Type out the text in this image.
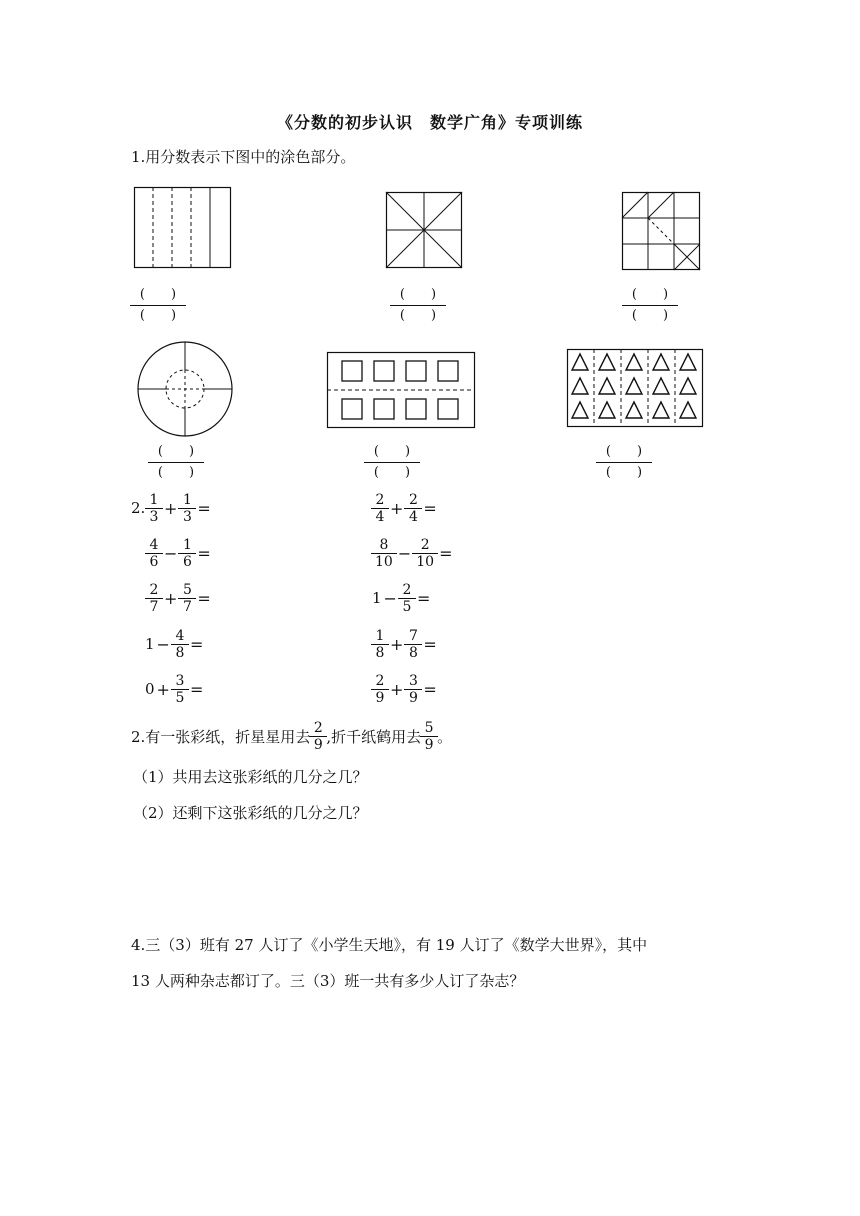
《分数的初步认识　数学广角》专项训练
1.用分数表示下图中的涂色部分。
(　　)
(　　)
(　　)
(　　)
(　　)
(　　)
(　　)
(　　)
(　　)
(　　)
(　　)
(　　)
2. $\frac{1}{3} + \frac{1}{3}$ =
$\frac{4}{6} - \frac{1}{6}$ =
$\frac{2}{7} + \frac{5}{7}$ =
$1 - \frac{4}{8}$ =
$0 + \frac{3}{5}$ =
$\frac{2}{4} + \frac{2}{4}$ =
$\frac{8}{10} - \frac{2}{10}$ =
$1 - \frac{2}{5}$ =
$\frac{1}{8} + \frac{7}{8}$ =
$\frac{2}{9} + \frac{3}{9}$ =
2.有一张彩纸，折星星用去 $\frac{2}{9}$ ,折千纸鹤用去 $\frac{5}{9}$ 。
（1）共用去这张彩纸的几分之几？
（2）还剩下这张彩纸的几分之几？
4.三（3）班有 27 人订了《小学生天地》，有 19 人订了《数学大世界》，其中
13 人两种杂志都订了。三（3）班一共有多少人订了杂志？
